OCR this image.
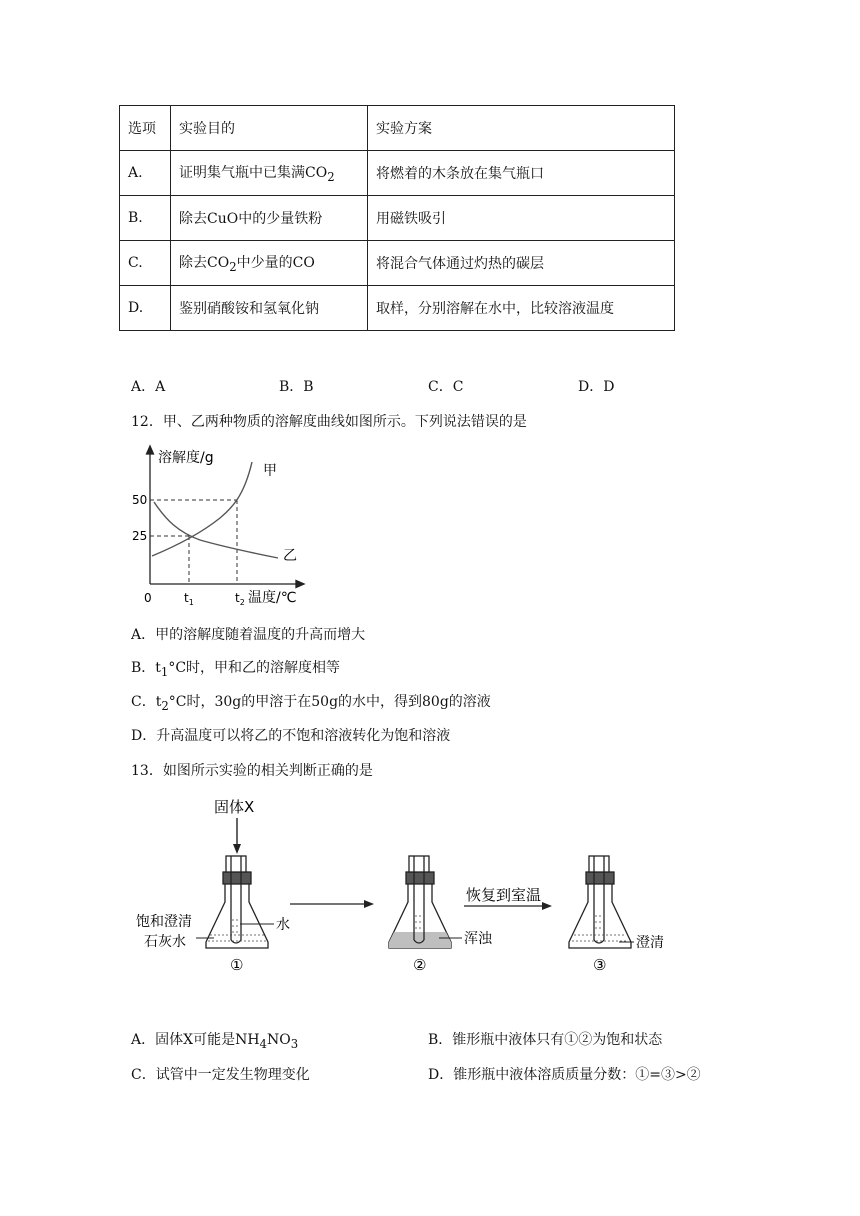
选项	实验目的	实验方案
A.	证明集气瓶中已集满$CO_2$	将燃着的木条放在集气瓶口
B.	除去CuO中的少量铁粉	用磁铁吸引
C.	除去$CO_2$中少量的CO	将混合气体通过灼热的碳层
D.	鉴别硝酸铵和氢氧化钠	取样，分别溶解在水中，比较溶液温度
A．A	B．B	C．C	D．D
12．甲、乙两种物质的溶解度曲线如图所示。下列说法错误的是
溶解度/g
甲
乙
50
25
0	$t_1$	$t_2$ 温度/℃
A．甲的溶解度随着温度的升高而增大
B．$t_1^\circ C$时，甲和乙的溶解度相等
C．$t_2^\circ C$时，30g的甲溶于在50g的水中，得到80g的溶液
D．升高温度可以将乙的不饱和溶液转化为饱和溶液
13．如图所示实验的相关判断正确的是
固体X
水
饱和澄清
石灰水
①
浑浊
②
恢复到室温
澄清
③
A．固体X可能是$NH_4NO_3$	B．锥形瓶中液体只有①②为饱和状态
C．试管中一定发生物理变化	D．锥形瓶中液体溶质质量分数：①=③>②
